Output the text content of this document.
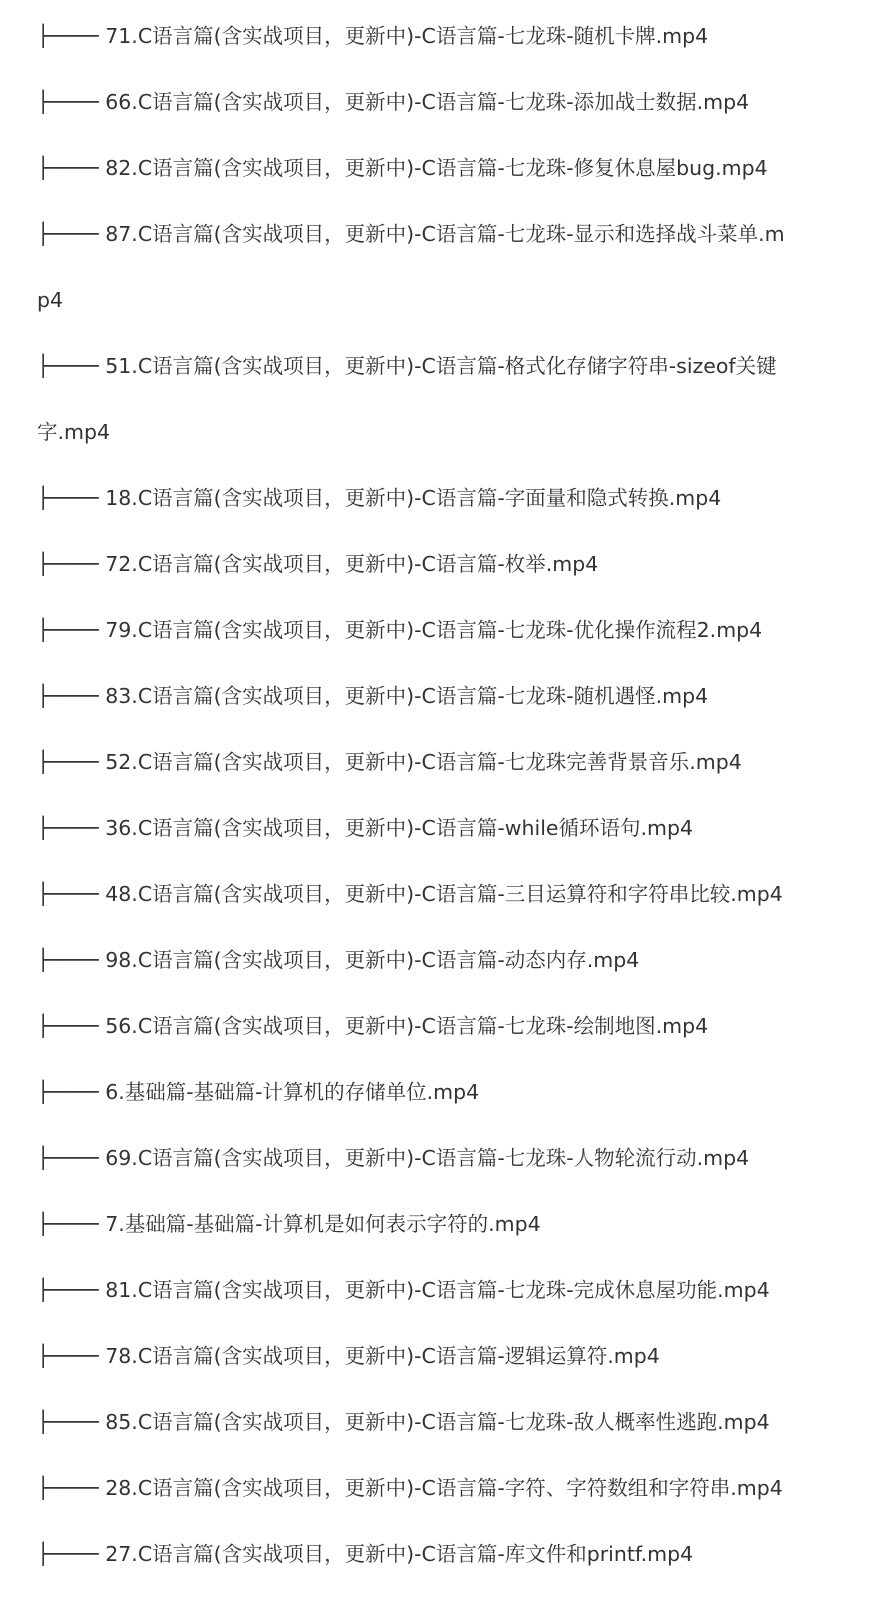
├──── 71.C语言篇(含实战项目，更新中)-C语言篇-七龙珠-随机卡牌.mp4
├──── 66.C语言篇(含实战项目，更新中)-C语言篇-七龙珠-添加战士数据.mp4
├──── 82.C语言篇(含实战项目，更新中)-C语言篇-七龙珠-修复休息屋bug.mp4
├──── 87.C语言篇(含实战项目，更新中)-C语言篇-七龙珠-显示和选择战斗菜单.m
p4
├──── 51.C语言篇(含实战项目，更新中)-C语言篇-格式化存储字符串-sizeof关键
字.mp4
├──── 18.C语言篇(含实战项目，更新中)-C语言篇-字面量和隐式转换.mp4
├──── 72.C语言篇(含实战项目，更新中)-C语言篇-枚举.mp4
├──── 79.C语言篇(含实战项目，更新中)-C语言篇-七龙珠-优化操作流程2.mp4
├──── 83.C语言篇(含实战项目，更新中)-C语言篇-七龙珠-随机遇怪.mp4
├──── 52.C语言篇(含实战项目，更新中)-C语言篇-七龙珠完善背景音乐.mp4
├──── 36.C语言篇(含实战项目，更新中)-C语言篇-while循环语句.mp4
├──── 48.C语言篇(含实战项目，更新中)-C语言篇-三目运算符和字符串比较.mp4
├──── 98.C语言篇(含实战项目，更新中)-C语言篇-动态内存.mp4
├──── 56.C语言篇(含实战项目，更新中)-C语言篇-七龙珠-绘制地图.mp4
├──── 6.基础篇-基础篇-计算机的存储单位.mp4
├──── 69.C语言篇(含实战项目，更新中)-C语言篇-七龙珠-人物轮流行动.mp4
├──── 7.基础篇-基础篇-计算机是如何表示字符的.mp4
├──── 81.C语言篇(含实战项目，更新中)-C语言篇-七龙珠-完成休息屋功能.mp4
├──── 78.C语言篇(含实战项目，更新中)-C语言篇-逻辑运算符.mp4
├──── 85.C语言篇(含实战项目，更新中)-C语言篇-七龙珠-敌人概率性逃跑.mp4
├──── 28.C语言篇(含实战项目，更新中)-C语言篇-字符、字符数组和字符串.mp4
├──── 27.C语言篇(含实战项目，更新中)-C语言篇-库文件和printf.mp4
